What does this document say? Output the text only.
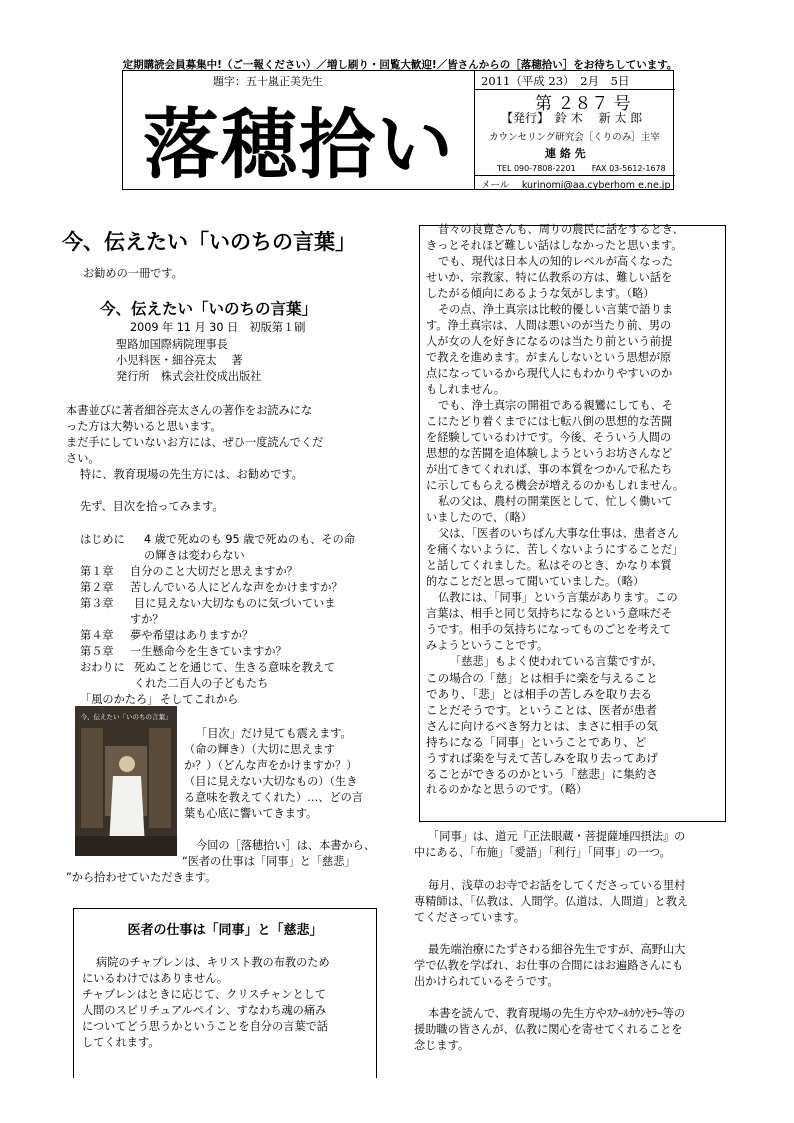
定期購読会員募集中!（ご一報ください）／増し刷り・回覧大歓迎!／皆さんからの［落穂拾い］をお待ちしています。
題字：五十嵐正美先生
落穂拾い
2011（平成 23）　2月　5日
第 ２８７ 号
【発行】　鈴 木　 新 太 郎
カウンセリング研究会［くりのみ］主宰
連 絡 先
TEL 090-7808-2201　　FAX 03-5612-1678
メール　 kurinomi@aa.cyberhom e.ne.jp
今、伝えたい「いのちの言葉」
お勧めの一冊です。
今、伝えたい「いのちの言葉」
2009 年 11 月 30 日　初版第１刷
聖路加国際病院理事長
小児科医・細谷亮太　 著
発行所　株式会社佼成出版社
本書並びに著者細谷亮太さんの著作をお読みにな
った方は大勢いると思います。
まだ手にしていないお方には、ぜひ一度読んでくだ
さい。
特に、教育現場の先生方には、お勧めです。
先ず、目次を拾ってみます。
はじめに 4 歳で死ぬのも 95 歳で死ぬのも、その命
の輝きは変わらない
第１章 自分のこと大切だと思えますか？
第２章 苦しんでいる人にどんな声をかけますか？
第３章 目に見えない大切なものに気づいていま
すか？
第４章 夢や希望はありますか？
第５章 一生懸命今を生きていますか？
おわりに 死ぬことを通じて、生きる意味を教えて
くれた二百人の子どもたち
「風のかたろ」 そしてこれから
今、伝えたい「いのちの言葉」
「目次」だけ見ても震えます。
（命の輝き）（大切に思えます
か？）（どんな声をかけますか？）
（目に見えない大切なもの）（生き
る意味を教えてくれた）…、どの言
葉も心底に響いてきます。
今回の［落穂拾い］は、本書から、
“医者の仕事は「同事」と「慈悲」
”から拾わせていただきます。
医者の仕事は「同事」と「慈悲」
病院のチャプレンは、キリスト教の布教のため
にいるわけではありません。
チャプレンはときに応じて、クリスチャンとして
人間のスピリチュアルペイン、すなわち魂の痛み
についてどう思うかということを自分の言葉で話
してくれます。
昔々の良寛さんも、周りの農民に話をするとき、
きっとそれほど難しい話はしなかったと思います。
でも、現代は日本人の知的レベルが高くなった
せいか、宗教家、特に仏教系の方は、難しい話を
したがる傾向にあるような気がします。（略）
その点、浄土真宗は比較的優しい言葉で語りま
す。浄土真宗は、人間は悪いのが当たり前、男の
人が女の人を好きになるのは当たり前という前提
で教えを進めます。がまんしないという思想が原
点になっているから現代人にもわかりやすいのか
もしれません。
でも、浄土真宗の開祖である親鸞にしても、そ
こにたどり着くまでには七転八倒の思想的な苦闘
を経験しているわけです。今後、そういう人間の
思想的な苦闘を追体験しようというお坊さんなど
が出てきてくれれば、事の本質をつかんで私たち
に示してもらえる機会が増えるのかもしれません。
私の父は、農村の開業医として、忙しく働いて
いましたので、（略）
父は、「医者のいちばん大事な仕事は、患者さん
を痛くないように、苦しくないようにすることだ」
と話してくれました。私はそのとき、かなり本質
的なことだと思って聞いていました。（略）
仏教には、「同事」という言葉があります。この
言葉は、相手と同じ気持ちになるという意味だそ
うです。相手の気持ちになってものごとを考えて
みようということです。
「慈悲」もよく使われている言葉ですが、
この場合の「慈」とは相手に楽を与えること
であり、「悲」とは相手の苦しみを取り去る
ことだそうです。ということは、医者が患者
さんに向けるべき努力とは、まさに相手の気
持ちになる「同事」ということであり、ど
うすれば楽を与えて苦しみを取り去ってあげ
ることができるのかという「慈悲」に集約さ
れるのかなと思うのです。（略）
「同事」は、道元『正法眼蔵・菩提薩埵四摂法』の
中にある、「布施」「愛語」「利行」「同事」の一つ。
毎月、浅草のお寺でお話をしてくださっている里村
専精師は、「仏教は、人間学。仏道は、人間道」と教え
てくださっています。
最先端治療にたずさわる細谷先生ですが、高野山大
学で仏教を学ばれ、お仕事の合間にはお遍路さんにも
出かけられているそうです。
本書を読んで、教育現場の先生方やｽｸｰﾙｶｳﾝｾﾗｰ等の
援助職の皆さんが、仏教に関心を寄せてくれることを
念じます。
